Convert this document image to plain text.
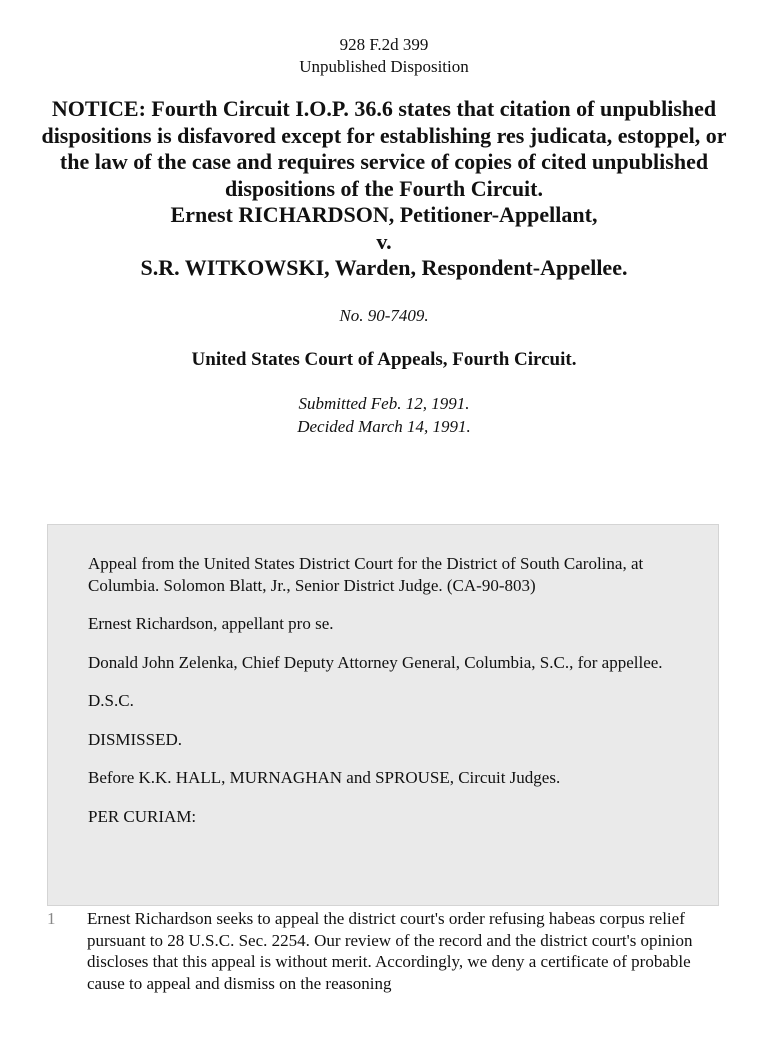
928 F.2d 399
Unpublished Disposition
NOTICE: Fourth Circuit I.O.P. 36.6 states that citation of unpublished dispositions is disfavored except for establishing res judicata, estoppel, or the law of the case and requires service of copies of cited unpublished dispositions of the Fourth Circuit.
Ernest RICHARDSON, Petitioner-Appellant,
v.
S.R. WITKOWSKI, Warden, Respondent-Appellee.
No. 90-7409.
United States Court of Appeals, Fourth Circuit.
Submitted Feb. 12, 1991.
Decided March 14, 1991.

Appeal from the United States District Court for the District of South Carolina, at Columbia. Solomon Blatt, Jr., Senior District Judge. (CA-90-803)

Ernest Richardson, appellant pro se.

Donald John Zelenka, Chief Deputy Attorney General, Columbia, S.C., for appellee.

D.S.C.

DISMISSED.

Before K.K. HALL, MURNAGHAN and SPROUSE, Circuit Judges.

PER CURIAM:

1 Ernest Richardson seeks to appeal the district court's order refusing habeas corpus relief pursuant to 28 U.S.C. Sec. 2254. Our review of the record and the district court's opinion discloses that this appeal is without merit. Accordingly, we deny a certificate of probable cause to appeal and dismiss on the reasoning
